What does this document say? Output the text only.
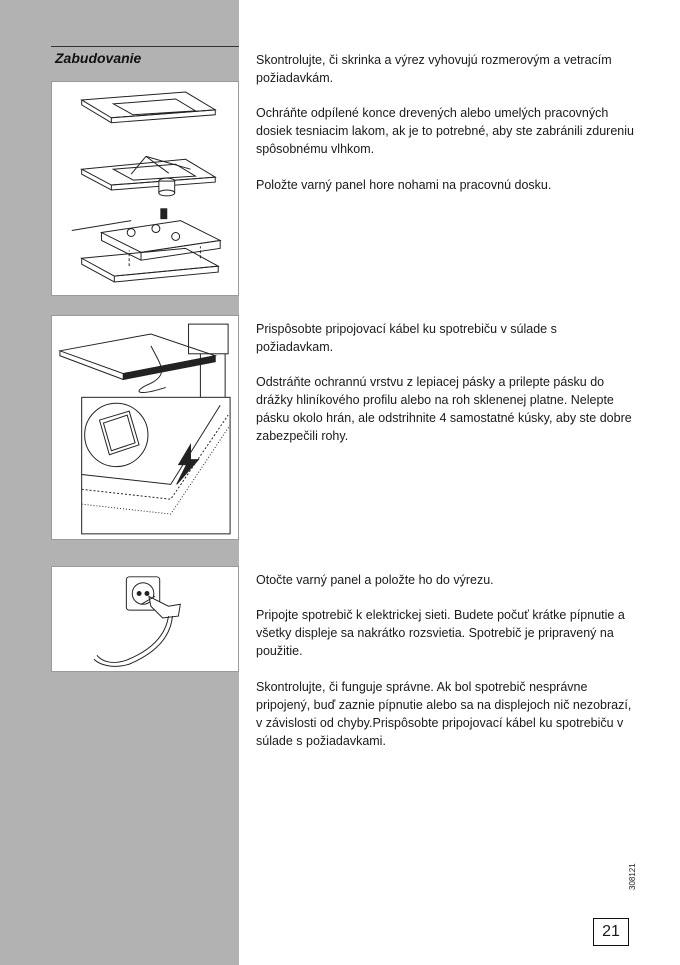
Zabudovanie	Skontrolujte, či skrinka a výrez vyhovujú rozmerovým a vetracím požiadavkám.

Ochráňte odpílené konce drevených alebo umelých pracovných dosiek tesniacim lakom, ak je to potrebné, aby ste zabránili zdureniu spôsobnému vlhkom.

Položte varný panel hore nohami na pracovnú dosku.

Prispôsobte pripojovací kábel ku spotrebiču v súlade s požiadavkam.

Odstráňte ochrannú vrstvu z lepiacej pásky a prilepte pásku do drážky hliníkového profilu alebo na roh sklenenej platne. Nelepte pásku okolo hrán, ale odstrihnite 4 samostatné kúsky, aby ste dobre zabezpečili rohy.

Otočte varný panel a položte ho do výrezu.

Pripojte spotrebič k elektrickej sieti. Budete počuť krátke pípnutie a všetky displeje sa nakrátko rozsvietia. Spotrebič je pripravený na použitie.

Skontrolujte, či funguje správne. Ak bol spotrebič nesprávne pripojený, buď zaznie pípnutie alebo sa na displejoch nič nezobrazí, v závislosti od chyby.Prispôsobte pripojovací kábel ku spotrebiču v súlade s požiadavkami.

308121
21
